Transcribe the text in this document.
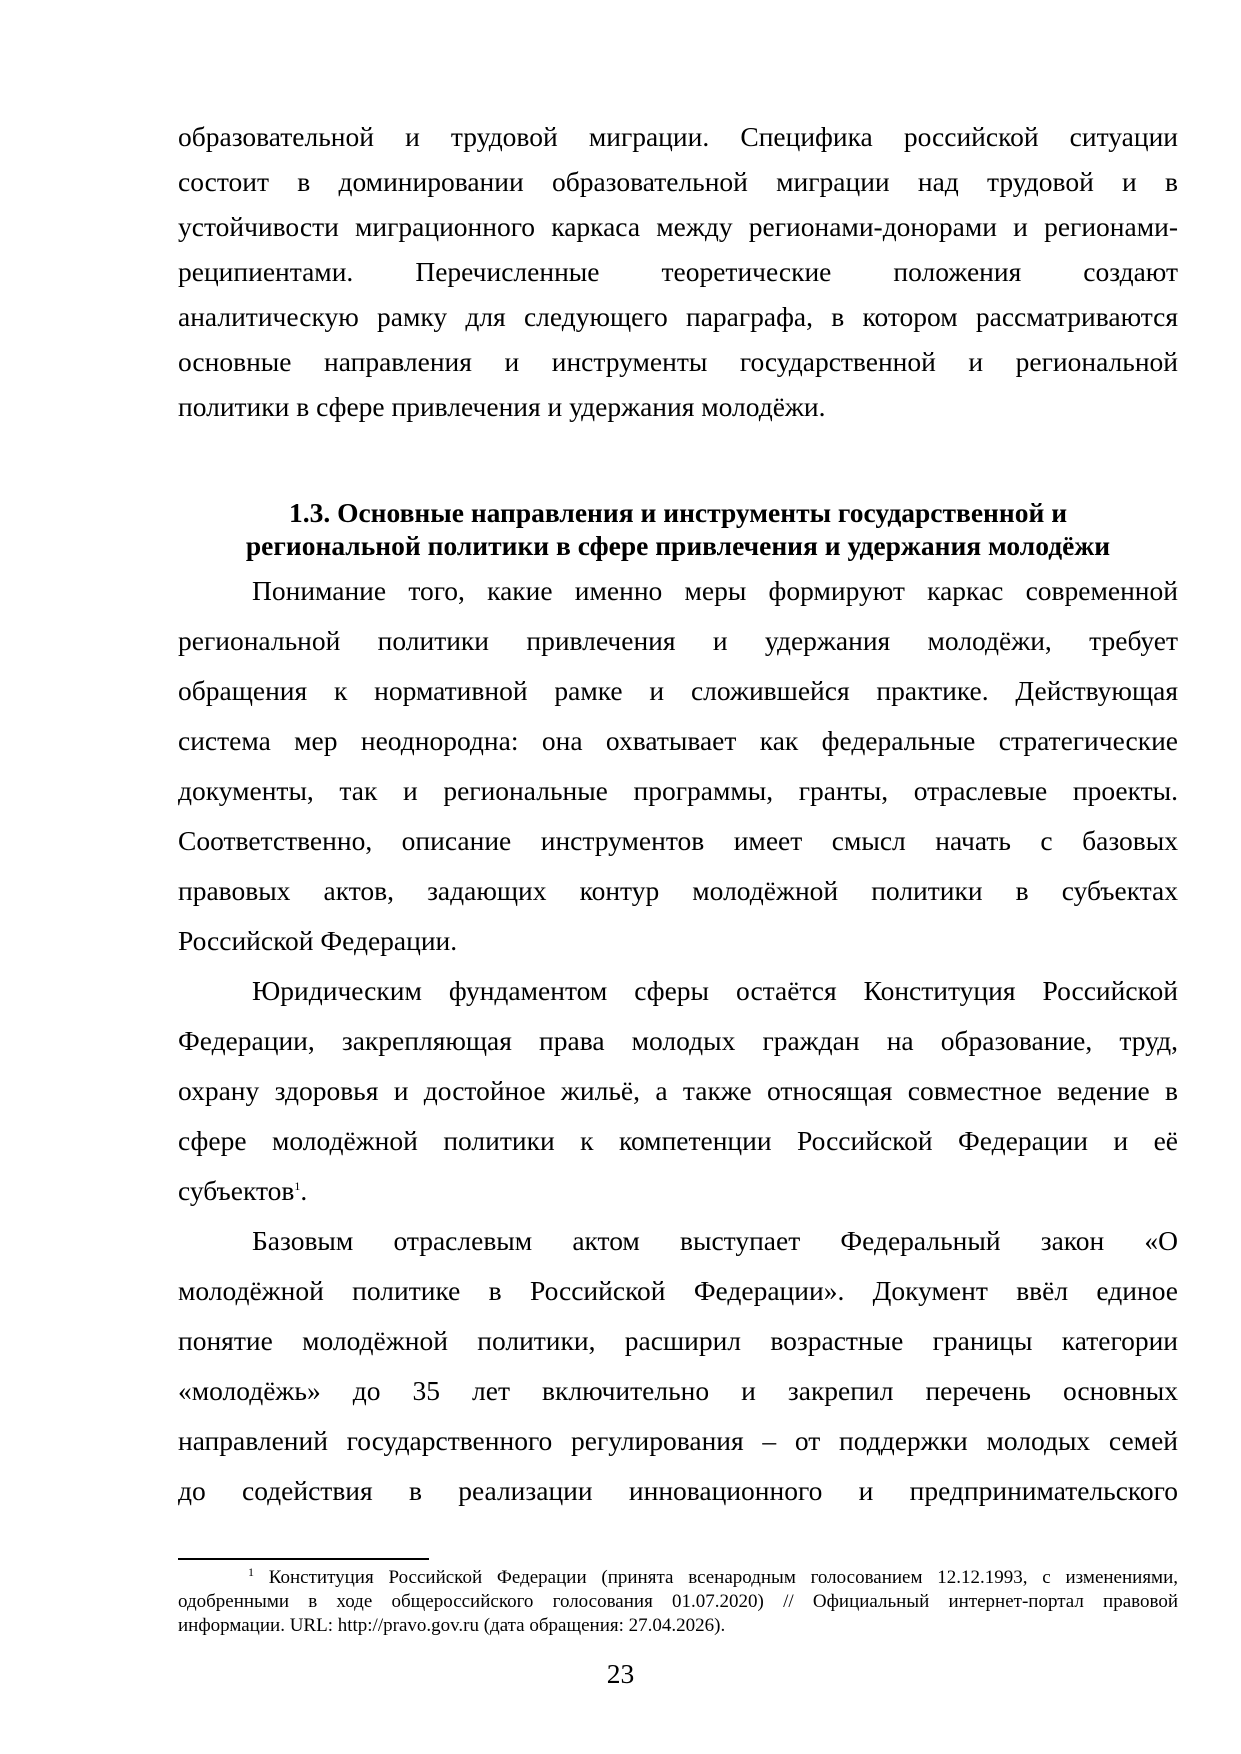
образовательной и трудовой миграции. Специфика российской ситуации
состоит в доминировании образовательной миграции над трудовой и в
устойчивости миграционного каркаса между регионами-донорами и регионами-
реципиентами. Перечисленные теоретические положения создают
аналитическую рамку для следующего параграфа, в котором рассматриваются
основные направления и инструменты государственной и региональной
политики в сфере привлечения и удержания молодёжи.
1.3. Основные направления и инструменты государственной и
региональной политики в сфере привлечения и удержания молодёжи
Понимание того, какие именно меры формируют каркас современной
региональной политики привлечения и удержания молодёжи, требует
обращения к нормативной рамке и сложившейся практике. Действующая
система мер неоднородна: она охватывает как федеральные стратегические
документы, так и региональные программы, гранты, отраслевые проекты.
Соответственно, описание инструментов имеет смысл начать с базовых
правовых актов, задающих контур молодёжной политики в субъектах
Российской Федерации.
Юридическим фундаментом сферы остаётся Конституция Российской
Федерации, закрепляющая права молодых граждан на образование, труд,
охрану здоровья и достойное жильё, а также относящая совместное ведение в
сфере молодёжной политики к компетенции Российской Федерации и её
субъектов$^1$.
Базовым отраслевым актом выступает Федеральный закон «О
молодёжной политике в Российской Федерации». Документ ввёл единое
понятие молодёжной политики, расширил возрастные границы категории
«молодёжь» до 35 лет включительно и закрепил перечень основных
направлений государственного регулирования – от поддержки молодых семей
до содействия в реализации инновационного и предпринимательского
$^1$ Конституция Российской Федерации (принята всенародным голосованием 12.12.1993, с изменениями,
одобренными в ходе общероссийского голосования 01.07.2020) // Официальный интернет-портал правовой
информации. URL: http://pravo.gov.ru (дата обращения: 27.04.2026).
23
